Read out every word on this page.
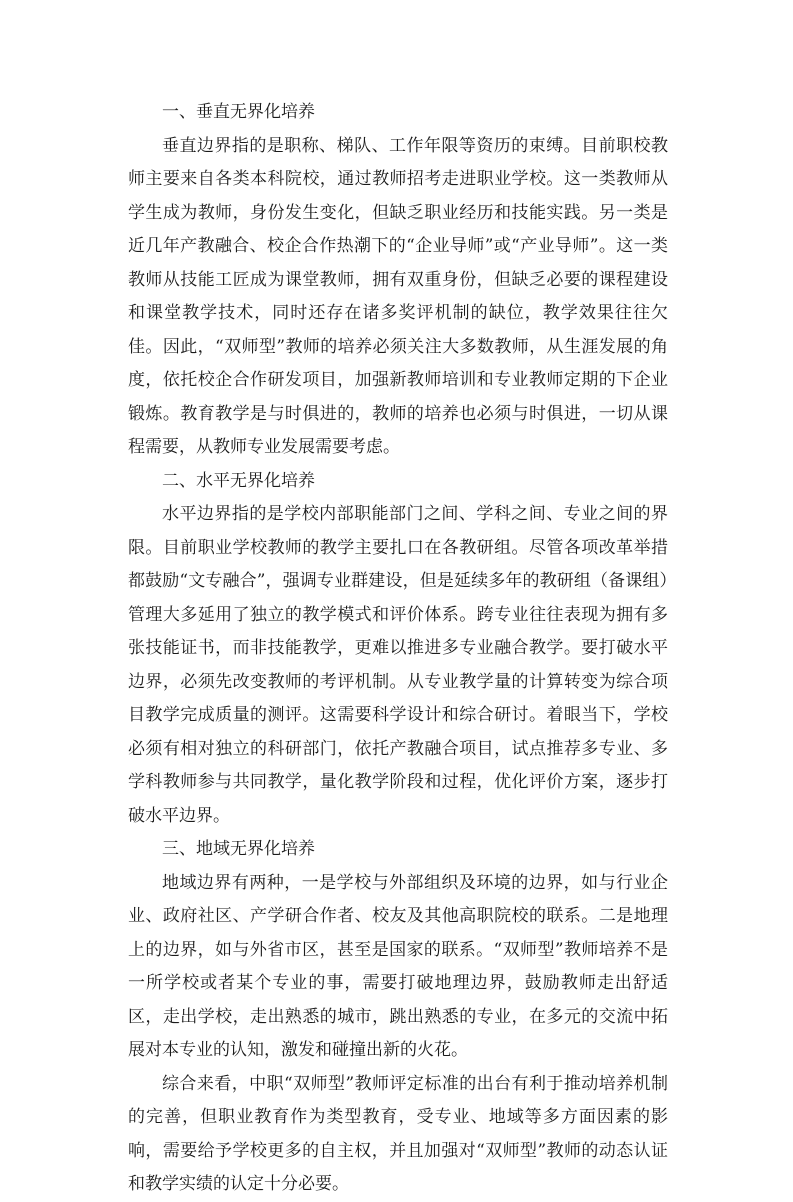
一、垂直无界化培养

垂直边界指的是职称、梯队、工作年限等资历的束缚。目前职校教师主要来自各类本科院校，通过教师招考走进职业学校。这一类教师从学生成为教师，身份发生变化，但缺乏职业经历和技能实践。另一类是近几年产教融合、校企合作热潮下的“企业导师”或“产业导师”。这一类教师从技能工匠成为课堂教师，拥有双重身份，但缺乏必要的课程建设和课堂教学技术，同时还存在诸多奖评机制的缺位，教学效果往往欠佳。因此，“双师型”教师的培养必须关注大多数教师，从生涯发展的角度，依托校企合作研发项目，加强新教师培训和专业教师定期的下企业锻炼。教育教学是与时俱进的，教师的培养也必须与时俱进，一切从课程需要，从教师专业发展需要考虑。

二、水平无界化培养

水平边界指的是学校内部职能部门之间、学科之间、专业之间的界限。目前职业学校教师的教学主要扎口在各教研组。尽管各项改革举措都鼓励“文专融合”，强调专业群建设，但是延续多年的教研组（备课组）管理大多延用了独立的教学模式和评价体系。跨专业往往表现为拥有多张技能证书，而非技能教学，更难以推进多专业融合教学。要打破水平边界，必须先改变教师的考评机制。从专业教学量的计算转变为综合项目教学完成质量的测评。这需要科学设计和综合研讨。着眼当下，学校必须有相对独立的科研部门，依托产教融合项目，试点推荐多专业、多学科教师参与共同教学，量化教学阶段和过程，优化评价方案，逐步打破水平边界。

三、地域无界化培养

地域边界有两种，一是学校与外部组织及环境的边界，如与行业企业、政府社区、产学研合作者、校友及其他高职院校的联系。二是地理上的边界，如与外省市区，甚至是国家的联系。“双师型”教师培养不是一所学校或者某个专业的事，需要打破地理边界，鼓励教师走出舒适区，走出学校，走出熟悉的城市，跳出熟悉的专业，在多元的交流中拓展对本专业的认知，激发和碰撞出新的火花。

综合来看，中职“双师型”教师评定标准的出台有利于推动培养机制的完善，但职业教育作为类型教育，受专业、地域等多方面因素的影响，需要给予学校更多的自主权，并且加强对“双师型”教师的动态认证和教学实绩的认定十分必要。
